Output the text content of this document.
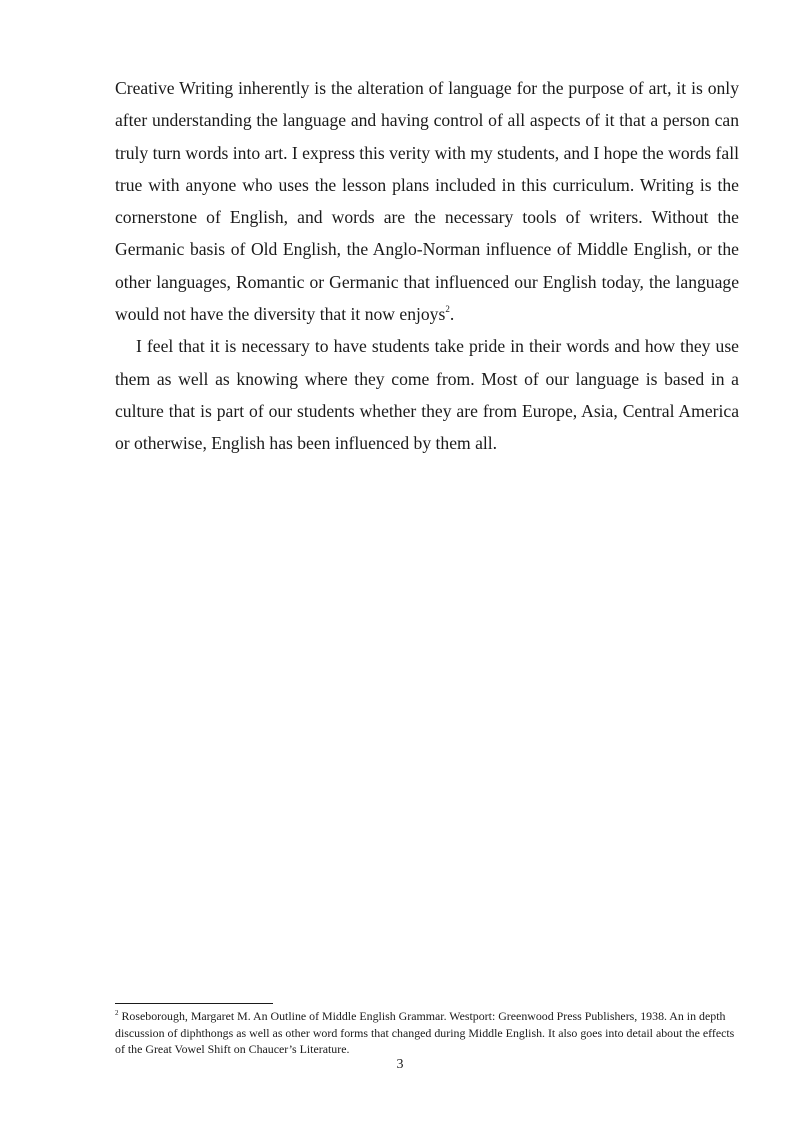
Creative Writing inherently is the alteration of language for the purpose of art, it is only after understanding the language and having control of all aspects of it that a person can truly turn words into art. I express this verity with my students, and I hope the words fall true with anyone who uses the lesson plans included in this curriculum. Writing is the cornerstone of English, and words are the necessary tools of writers. Without the Germanic basis of Old English, the Anglo-Norman influence of Middle English, or the other languages, Romantic or Germanic that influenced our English today, the language would not have the diversity that it now enjoys$^2$.

I feel that it is necessary to have students take pride in their words and how they use them as well as knowing where they come from. Most of our language is based in a culture that is part of our students whether they are from Europe, Asia, Central America or otherwise, English has been influenced by them all.

$^2$ Roseborough, Margaret M. An Outline of Middle English Grammar. Westport: Greenwood Press Publishers, 1938. An in depth discussion of diphthongs as well as other word forms that changed during Middle English. It also goes into detail about the effects of the Great Vowel Shift on Chaucer’s Literature.

3
